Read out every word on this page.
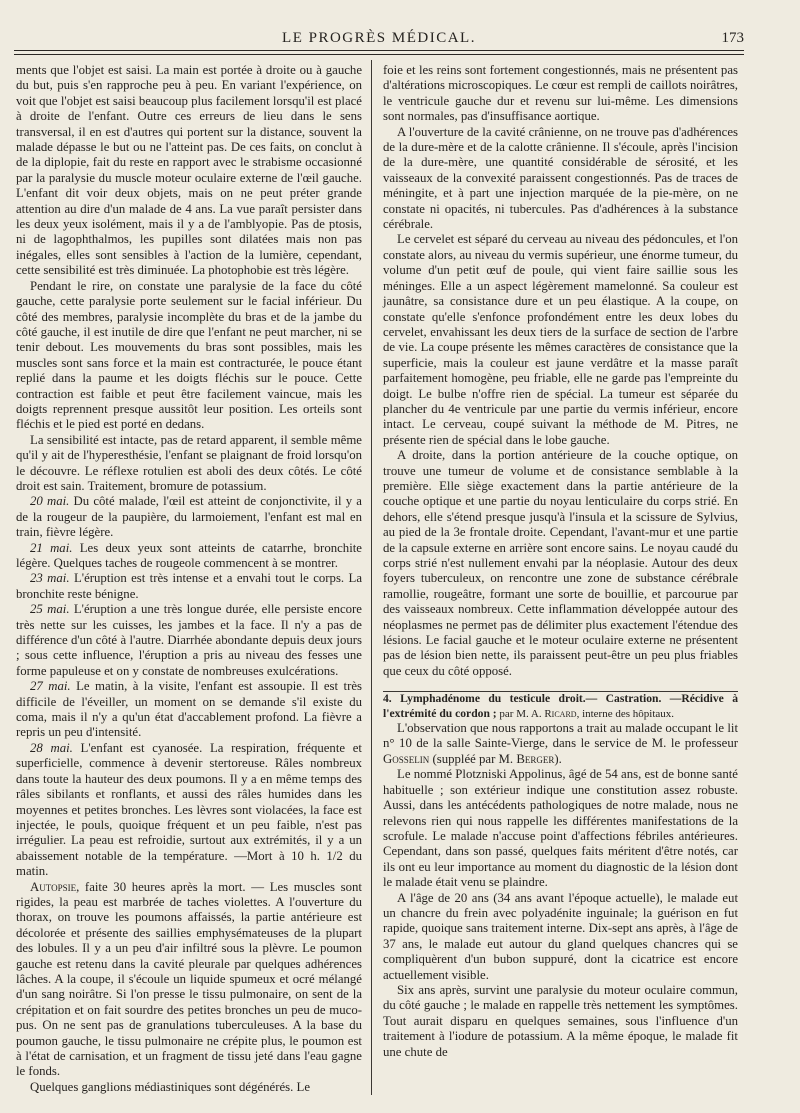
LE PROGRÈS MÉDICAL.	173

ments que l'objet est saisi. La main est portée à droite ou à gauche du but, puis s'en rapproche peu à peu. En variant l'expérience, on voit que l'objet est saisi beaucoup plus facilement lorsqu'il est placé à droite de l'enfant. Outre ces erreurs de lieu dans le sens transversal, il en est d'autres qui portent sur la distance, souvent la malade dépasse le but ou ne l'atteint pas. De ces faits, on conclut à de la diplopie, fait du reste en rapport avec le strabisme occasionné par la paralysie du muscle moteur oculaire externe de l'œil gauche. L'enfant dit voir deux objets, mais on ne peut préter grande attention au dire d'un malade de 4 ans. La vue paraît persister dans les deux yeux isolément, mais il y a de l'amblyopie. Pas de ptosis, ni de lagophthalmos, les pupilles sont dilatées mais non pas inégales, elles sont sensibles à l'action de la lumière, cependant, cette sensibilité est très diminuée. La photophobie est très légère.

Pendant le rire, on constate une paralysie de la face du côté gauche, cette paralysie porte seulement sur le facial inférieur. Du côté des membres, paralysie incomplète du bras et de la jambe du côté gauche, il est inutile de dire que l'enfant ne peut marcher, ni se tenir debout. Les mouvements du bras sont possibles, mais les muscles sont sans force et la main est contracturée, le pouce étant replié dans la paume et les doigts fléchis sur le pouce. Cette contraction est faible et peut être facilement vaincue, mais les doigts reprennent presque aussitôt leur position. Les orteils sont fléchis et le pied est porté en dedans.

La sensibilité est intacte, pas de retard apparent, il semble même qu'il y ait de l'hyperesthésie, l'enfant se plaignant de froid lorsqu'on le découvre. Le réflexe rotulien est aboli des deux côtés. Le côté droit est sain. Traitement, bromure de potassium.

20 mai. Du côté malade, l'œil est atteint de conjonctivite, il y a de la rougeur de la paupière, du larmoiement, l'enfant est mal en train, fièvre légère.

21 mai. Les deux yeux sont atteints de catarrhe, bronchite légère. Quelques taches de rougeole commencent à se montrer.

23 mai. L'éruption est très intense et a envahi tout le corps. La bronchite reste bénigne.

25 mai. L'éruption a une très longue durée, elle persiste encore très nette sur les cuisses, les jambes et la face. Il n'y a pas de différence d'un côté à l'autre. Diarrhée abondante depuis deux jours ; sous cette influence, l'éruption a pris au niveau des fesses une forme papuleuse et on y constate de nombreuses exulcérations.

27 mai. Le matin, à la visite, l'enfant est assoupie. Il est très difficile de l'éveiller, un moment on se demande s'il existe du coma, mais il n'y a qu'un état d'accablement profond. La fièvre a repris un peu d'intensité.

28 mai. L'enfant est cyanosée. La respiration, fréquente et superficielle, commence à devenir stertoreuse. Râles nombreux dans toute la hauteur des deux poumons. Il y a en même temps des râles sibilants et ronflants, et aussi des râles humides dans les moyennes et petites bronches. Les lèvres sont violacées, la face est injectée, le pouls, quoique fréquent et un peu faible, n'est pas irrégulier. La peau est refroidie, surtout aux extrémités, il y a un abaissement notable de la température. —Mort à 10 h. 1/2 du matin.

Autopsie, faite 30 heures après la mort. — Les muscles sont rigides, la peau est marbrée de taches violettes. A l'ouverture du thorax, on trouve les poumons affaissés, la partie antérieure est décolorée et présente des saillies emphysémateuses de la plupart des lobules. Il y a un peu d'air infiltré sous la plèvre. Le poumon gauche est retenu dans la cavité pleurale par quelques adhérences lâches. A la coupe, il s'écoule un liquide spumeux et ocré mélangé d'un sang noirâtre. Si l'on presse le tissu pulmonaire, on sent de la crépitation et on fait sourdre des petites bronches un peu de muco-pus. On ne sent pas de granulations tuberculeuses. A la base du poumon gauche, le tissu pulmonaire ne crépite plus, le poumon est à l'état de carnisation, et un fragment de tissu jeté dans l'eau gagne le fonds.

Quelques ganglions médiastiniques sont dégénérés. Le

foie et les reins sont fortement congestionnés, mais ne présentent pas d'altérations microscopiques. Le cœur est rempli de caillots noirâtres, le ventricule gauche dur et revenu sur lui-même. Les dimensions sont normales, pas d'insuffisance aortique.

A l'ouverture de la cavité crânienne, on ne trouve pas d'adhérences de la dure-mère et de la calotte crânienne. Il s'écoule, après l'incision de la dure-mère, une quantité considérable de sérosité, et les vaisseaux de la convexité paraissent congestionnés. Pas de traces de méningite, et à part une injection marquée de la pie-mère, on ne constate ni opacités, ni tubercules. Pas d'adhérences à la substance cérébrale.

Le cervelet est séparé du cerveau au niveau des pédoncules, et l'on constate alors, au niveau du vermis supérieur, une énorme tumeur, du volume d'un petit œuf de poule, qui vient faire saillie sous les méninges. Elle a un aspect légèrement mamelonné. Sa couleur est jaunâtre, sa consistance dure et un peu élastique. A la coupe, on constate qu'elle s'enfonce profondément entre les deux lobes du cervelet, envahissant les deux tiers de la surface de section de l'arbre de vie. La coupe présente les mêmes caractères de consistance que la superficie, mais la couleur est jaune verdâtre et la masse paraît parfaitement homogène, peu friable, elle ne garde pas l'empreinte du doigt. Le bulbe n'offre rien de spécial. La tumeur est séparée du plancher du 4e ventricule par une partie du vermis inférieur, encore intact. Le cerveau, coupé suivant la méthode de M. Pitres, ne présente rien de spécial dans le lobe gauche.

A droite, dans la portion antérieure de la couche optique, on trouve une tumeur de volume et de consistance semblable à la première. Elle siège exactement dans la partie antérieure de la couche optique et une partie du noyau lenticulaire du corps strié. En dehors, elle s'étend presque jusqu'à l'insula et la scissure de Sylvius, au pied de la 3e frontale droite. Cependant, l'avant-mur et une partie de la capsule externe en arrière sont encore sains. Le noyau caudé du corps strié n'est nullement envahi par la néoplasie. Autour des deux foyers tuberculeux, on rencontre une zone de substance cérébrale ramollie, rougeâtre, formant une sorte de bouillie, et parcourue par des vaisseaux nombreux. Cette inflammation développée autour des néoplasmes ne permet pas de délimiter plus exactement l'étendue des lésions. Le facial gauche et le moteur oculaire externe ne présentent pas de lésion bien nette, ils paraissent peut-être un peu plus friables que ceux du côté opposé.

4. Lymphadénome du testicule droit.— Castration. —Récidive à l'extrémité du cordon ; par M. A. Ricard, interne des hôpitaux.

L'observation que nous rapportons a trait au malade occupant le lit n° 10 de la salle Sainte-Vierge, dans le service de M. le professeur Gosselin (suppléé par M. Berger).

Le nommé Plotzniski Appolinus, âgé de 54 ans, est de bonne santé habituelle ; son extérieur indique une constitution assez robuste. Aussi, dans les antécédents pathologiques de notre malade, nous ne relevons rien qui nous rappelle les différentes manifestations de la scrofule. Le malade n'accuse point d'affections fébriles antérieures. Cependant, dans son passé, quelques faits méritent d'être notés, car ils ont eu leur importance au moment du diagnostic de la lésion dont le malade était venu se plaindre.

A l'âge de 20 ans (34 ans avant l'époque actuelle), le malade eut un chancre du frein avec polyadénite inguinale; la guérison en fut rapide, quoique sans traitement interne. Dix-sept ans après, à l'âge de 37 ans, le malade eut autour du gland quelques chancres qui se compliquèrent d'un bubon suppuré, dont la cicatrice est encore actuellement visible.

Six ans après, survint une paralysie du moteur oculaire commun, du côté gauche ; le malade en rappelle très nettement les symptômes. Tout aurait disparu en quelques semaines, sous l'influence d'un traitement à l'iodure de potassium. A la même époque, le malade fit une chute de
